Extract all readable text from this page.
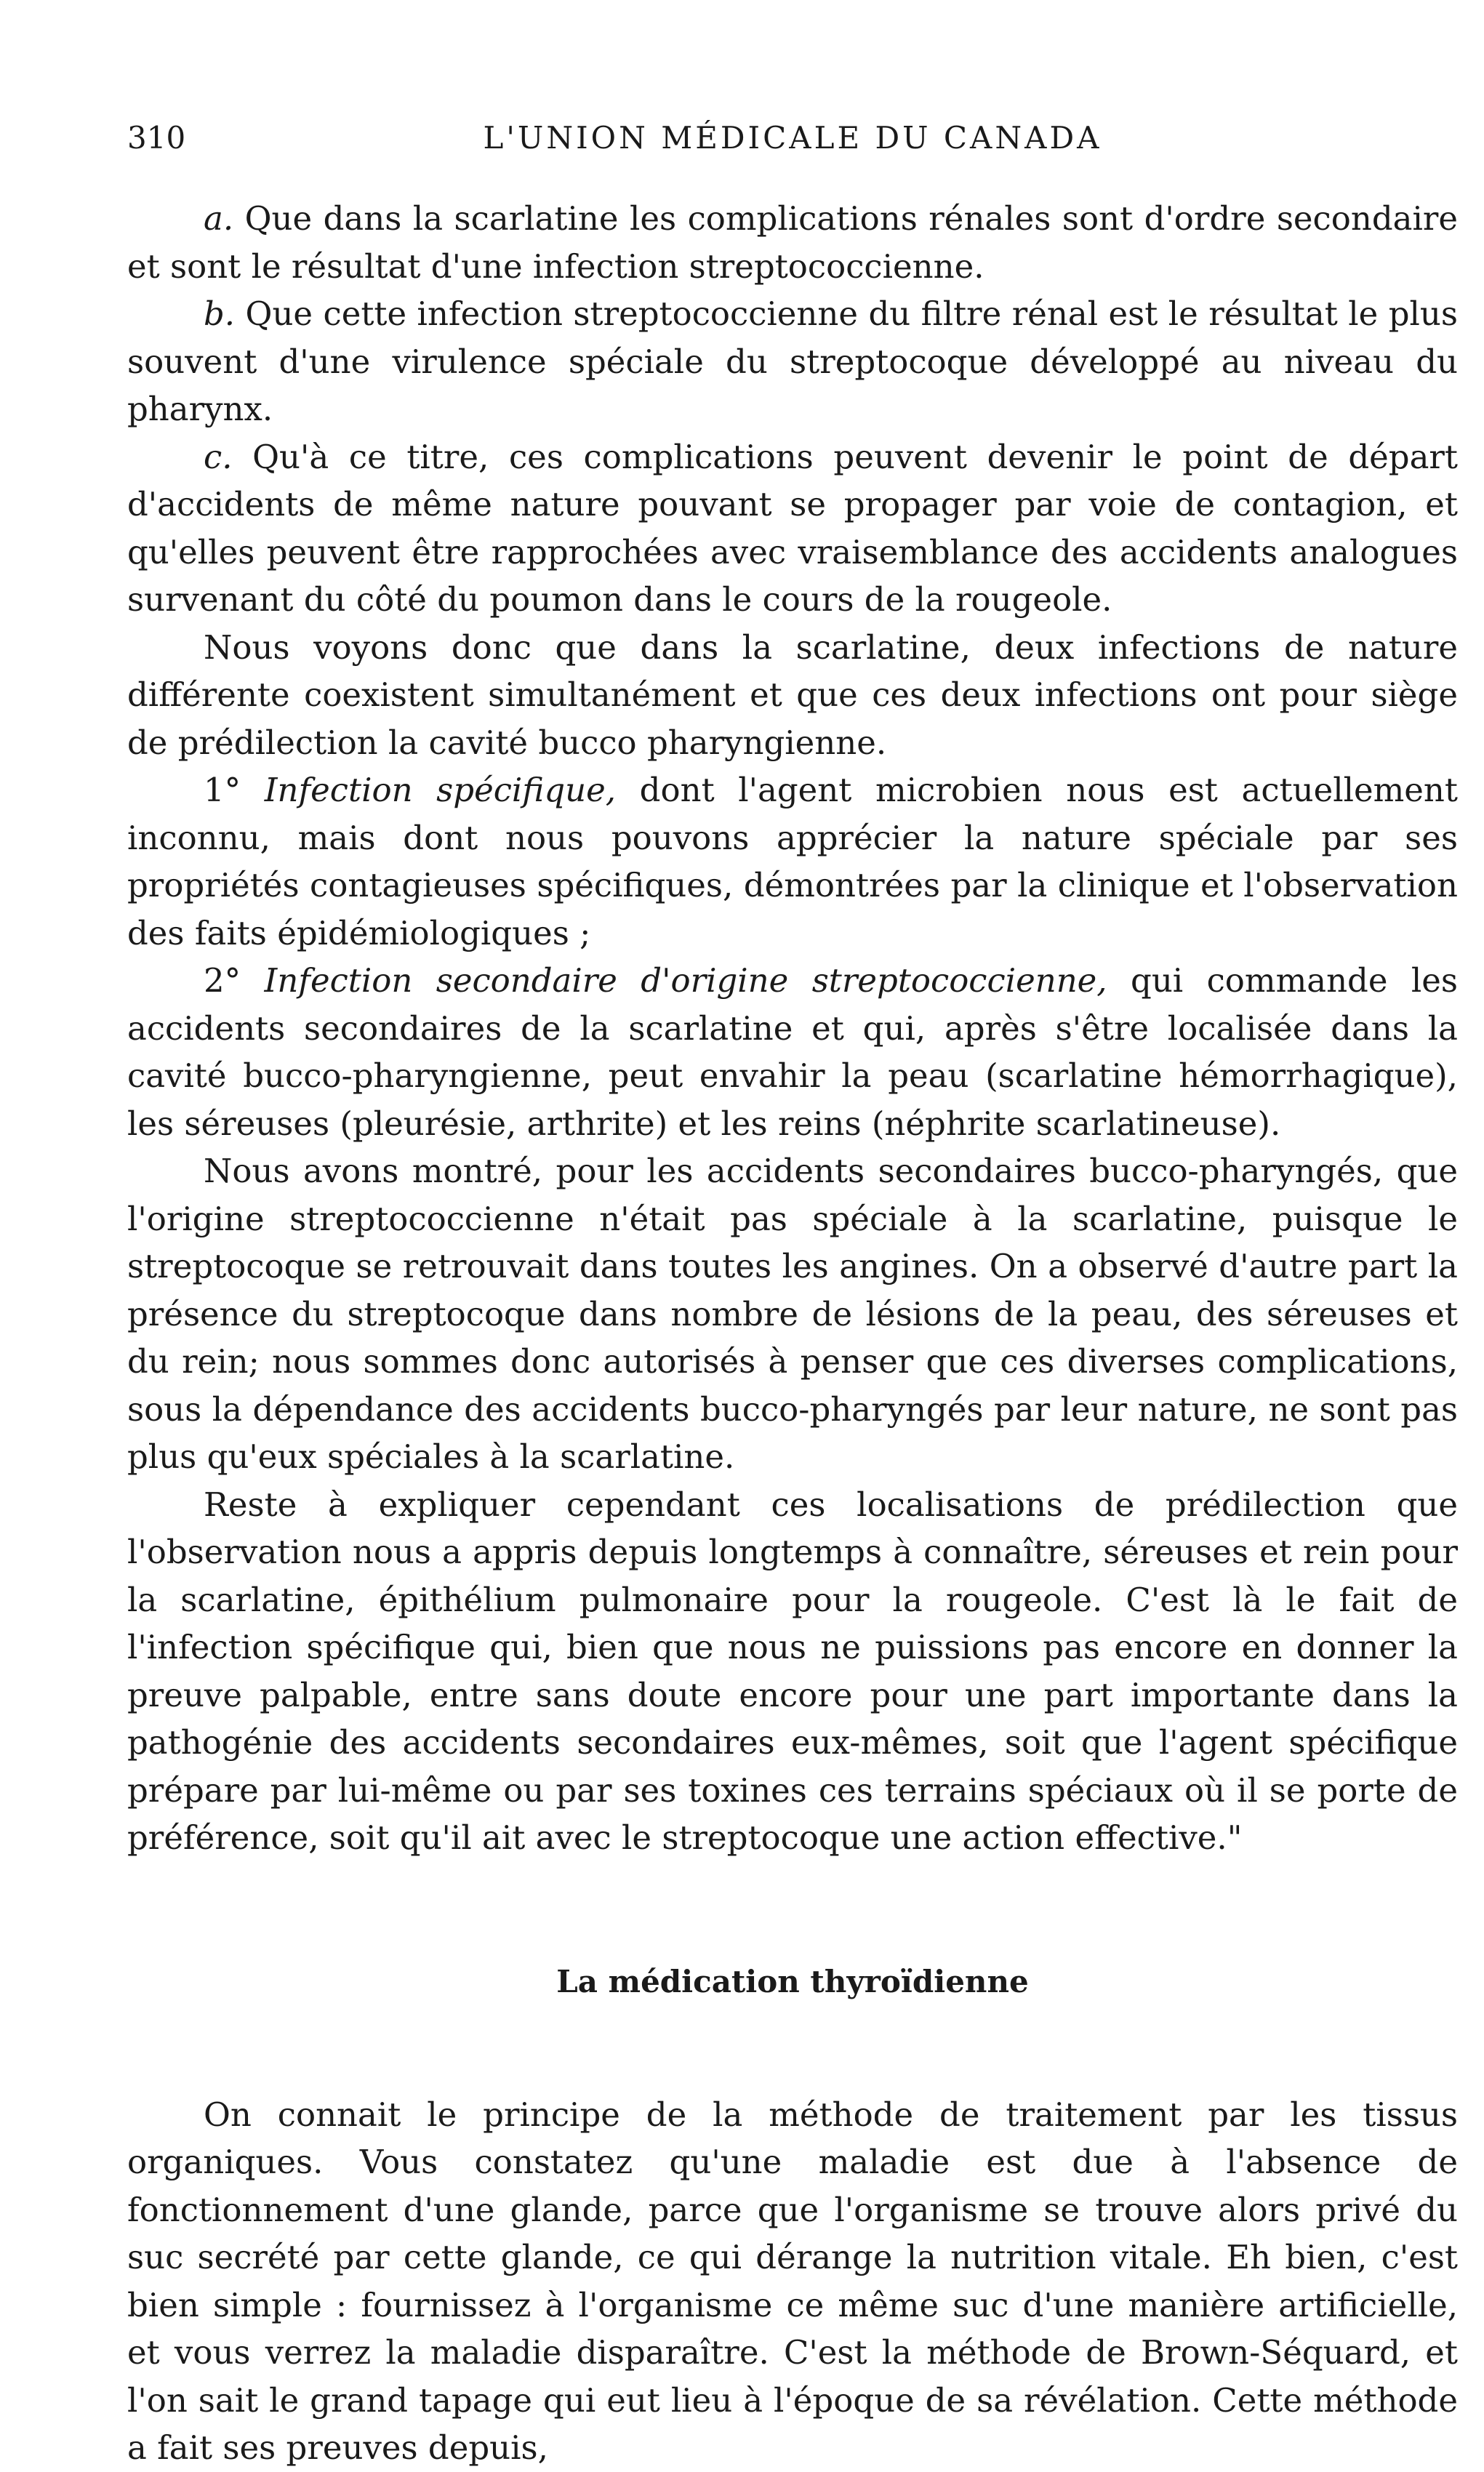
310	L'UNION MÉDICALE DU CANADA

a. Que dans la scarlatine les complications rénales sont d'ordre secondaire et sont le résultat d'une infection streptococcienne.

b. Que cette infection streptococcienne du filtre rénal est le résultat le plus souvent d'une virulence spéciale du streptocoque développé au niveau du pharynx.

c. Qu'à ce titre, ces complications peuvent devenir le point de départ d'accidents de même nature pouvant se propager par voie de contagion, et qu'elles peuvent être rapprochées avec vraisemblance des accidents analogues survenant du côté du poumon dans le cours de la rougeole.

Nous voyons donc que dans la scarlatine, deux infections de nature différente coexistent simultanément et que ces deux infections ont pour siège de prédilection la cavité bucco pharyngienne.

1° Infection spécifique, dont l'agent microbien nous est actuellement inconnu, mais dont nous pouvons apprécier la nature spéciale par ses propriétés contagieuses spécifiques, démontrées par la clinique et l'observation des faits épidémiologiques ;

2° Infection secondaire d'origine streptococcienne, qui commande les accidents secondaires de la scarlatine et qui, après s'être localisée dans la cavité bucco-pharyngienne, peut envahir la peau (scarlatine hémorrhagique), les séreuses (pleurésie, arthrite) et les reins (néphrite scarlatineuse).

Nous avons montré, pour les accidents secondaires bucco-pharyngés, que l'origine streptococcienne n'était pas spéciale à la scarlatine, puisque le streptocoque se retrouvait dans toutes les angines. On a observé d'autre part la présence du streptocoque dans nombre de lésions de la peau, des séreuses et du rein; nous sommes donc autorisés à penser que ces diverses complications, sous la dépendance des accidents bucco-pharyngés par leur nature, ne sont pas plus qu'eux spéciales à la scarlatine.

Reste à expliquer cependant ces localisations de prédilection que l'observation nous a appris depuis longtemps à connaître, séreuses et rein pour la scarlatine, épithélium pulmonaire pour la rougeole. C'est là le fait de l'infection spécifique qui, bien que nous ne puissions pas encore en donner la preuve palpable, entre sans doute encore pour une part importante dans la pathogénie des accidents secondaires eux-mêmes, soit que l'agent spécifique prépare par lui-même ou par ses toxines ces terrains spéciaux où il se porte de préférence, soit qu'il ait avec le streptocoque une action effective."

La médication thyroïdienne

On connait le principe de la méthode de traitement par les tissus organiques. Vous constatez qu'une maladie est due à l'absence de fonctionnement d'une glande, parce que l'organisme se trouve alors privé du suc secrété par cette glande, ce qui dérange la nutrition vitale. Eh bien, c'est bien simple : fournissez à l'organisme ce même suc d'une manière artificielle, et vous verrez la maladie disparaître. C'est la méthode de Brown-Séquard, et l'on sait le grand tapage qui eut lieu à l'époque de sa révélation. Cette méthode a fait ses preuves depuis,
